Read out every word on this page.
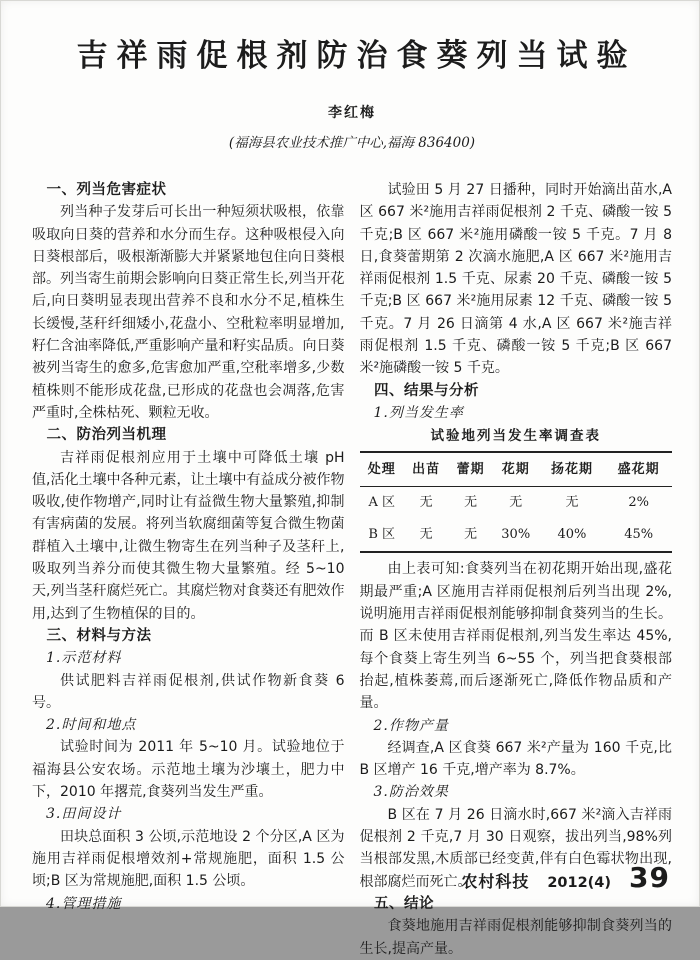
吉祥雨促根剂防治食葵列当试验
李红梅
(福海县农业技术推广中心,福海 836400)
一、列当危害症状

列当种子发芽后可长出一种短须状吸根，依靠吸取向日葵的营养和水分而生存。这种吸根侵入向日葵根部后，吸根渐渐膨大并紧紧地包住向日葵根部。列当寄生前期会影响向日葵正常生长,列当开花后,向日葵明显表现出营养不良和水分不足,植株生长缓慢,茎秆纤细矮小,花盘小、空秕粒率明显增加,籽仁含油率降低,严重影响产量和籽实品质。向日葵被列当寄生的愈多,危害愈加严重,空秕率增多,少数植株则不能形成花盘,已形成的花盘也会凋落,危害严重时,全株枯死、颗粒无收。

二、防治列当机理

吉祥雨促根剂应用于土壤中可降低土壤 pH 值,活化土壤中各种元素，让土壤中有益成分被作物吸收,使作物增产,同时让有益微生物大量繁殖,抑制有害病菌的发展。将列当软腐细菌等复合微生物菌群植入土壤中,让微生物寄生在列当种子及茎秆上,吸取列当养分而使其微生物大量繁殖。经 5~10 天,列当茎秆腐烂死亡。其腐烂物对食葵还有肥效作用,达到了生物植保的目的。

三、材料与方法

1.示范材料

供试肥料吉祥雨促根剂,供试作物新食葵 6 号。

2.时间和地点

试验时间为 2011 年 5~10 月。试验地位于福海县公安农场。示范地土壤为沙壤土，肥力中下，2010 年撂荒,食葵列当发生严重。

3.田间设计

田块总面积 3 公顷,示范地设 2 个分区,A 区为施用吉祥雨促根增效剂+常规施肥，面积 1.5 公顷;B 区为常规施肥,面积 1.5 公顷。

4.管理措施

试验田 5 月 27 日播种，同时开始滴出苗水,A 区 667 米²施用吉祥雨促根剂 2 千克、磷酸一铵 5 千克;B 区 667 米²施用磷酸一铵 5 千克。7 月 8 日,食葵蕾期第 2 次滴水施肥,A 区 667 米²施用吉祥雨促根剂 1.5 千克、尿素 20 千克、磷酸一铵 5 千克;B 区 667 米²施用尿素 12 千克、磷酸一铵 5 千克。7 月 26 日滴第 4 水,A 区 667 米²施吉祥雨促根剂 1.5 千克、磷酸一铵 5 千克;B 区 667 米²施磷酸一铵 5 千克。

四、结果与分析

1.列当发生率

试验地列当发生率调查表

处理	出苗	蕾期	花期	扬花期	盛花期
A 区	无	无	无	无	2%
B 区	无	无	30%	40%	45%

由上表可知:食葵列当在初花期开始出现,盛花期最严重;A 区施用吉祥雨促根剂后列当出现 2%,说明施用吉祥雨促根剂能够抑制食葵列当的生长。而 B 区未使用吉祥雨促根剂,列当发生率达 45%,每个食葵上寄生列当 6~55 个，列当把食葵根部抬起,植株萎蔫,而后逐渐死亡,降低作物品质和产量。

2.作物产量

经调查,A 区食葵 667 米²产量为 160 千克,比 B 区增产 16 千克,增产率为 8.7%。

3.防治效果

B 区在 7 月 26 日滴水时,667 米²滴入吉祥雨促根剂 2 千克,7 月 30 日观察，拔出列当,98%列当根部发黑,木质部已经变黄,伴有白色霉状物出现,根部腐烂而死亡。

五、结论

食葵地施用吉祥雨促根剂能够抑制食葵列当的生长,提高产量。

农村科技 2012(4) 39
